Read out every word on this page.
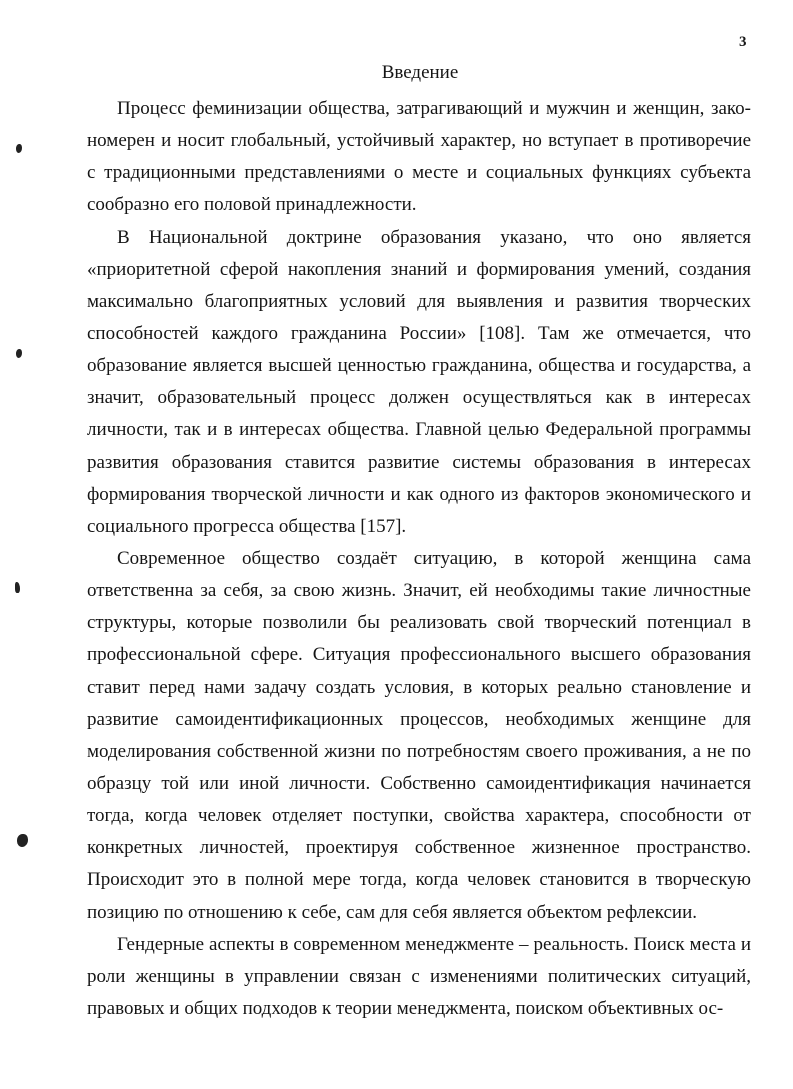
3
Введение
Процесс феминизации общества, затрагивающий и мужчин и женщин, зако-
номерен и носит глобальный, устойчивый характер, но вступает в противоречие
с традиционными представлениями о месте и социальных функциях субъекта
сообразно его половой принадлежности.
В Национальной доктрине образования указано, что оно является
«приоритетной сферой накопления знаний и формирования умений, создания
максимально благоприятных условий для выявления и развития творческих
способностей каждого гражданина России» [108]. Там же отмечается, что
образование является высшей ценностью гражданина, общества и государства, а
значит, образовательный процесс должен осуществляться как в интересах
личности, так и в интересах общества. Главной целью Федеральной программы
развития образования ставится развитие системы образования в интересах
формирования творческой личности и как одного из факторов экономического и
социального прогресса общества [157].
Современное общество создаёт ситуацию, в которой женщина сама
ответственна за себя, за свою жизнь. Значит, ей необходимы такие личностные
структуры, которые позволили бы реализовать свой творческий потенциал в
профессиональной сфере. Ситуация профессионального высшего образования
ставит перед нами задачу создать условия, в которых реально становление и
развитие самоидентификационных процессов, необходимых женщине для
моделирования собственной жизни по потребностям своего проживания, а не по
образцу той или иной личности. Собственно самоидентификация начинается
тогда, когда человек отделяет поступки, свойства характера, способности от
конкретных личностей, проектируя собственное жизненное пространство.
Происходит это в полной мере тогда, когда человек становится в творческую
позицию по отношению к себе, сам для себя является объектом рефлексии.
Гендерные аспекты в современном менеджменте – реальность. Поиск места и
роли женщины в управлении связан с изменениями политических ситуаций,
правовых и общих подходов к теории менеджмента, поиском объективных ос-
